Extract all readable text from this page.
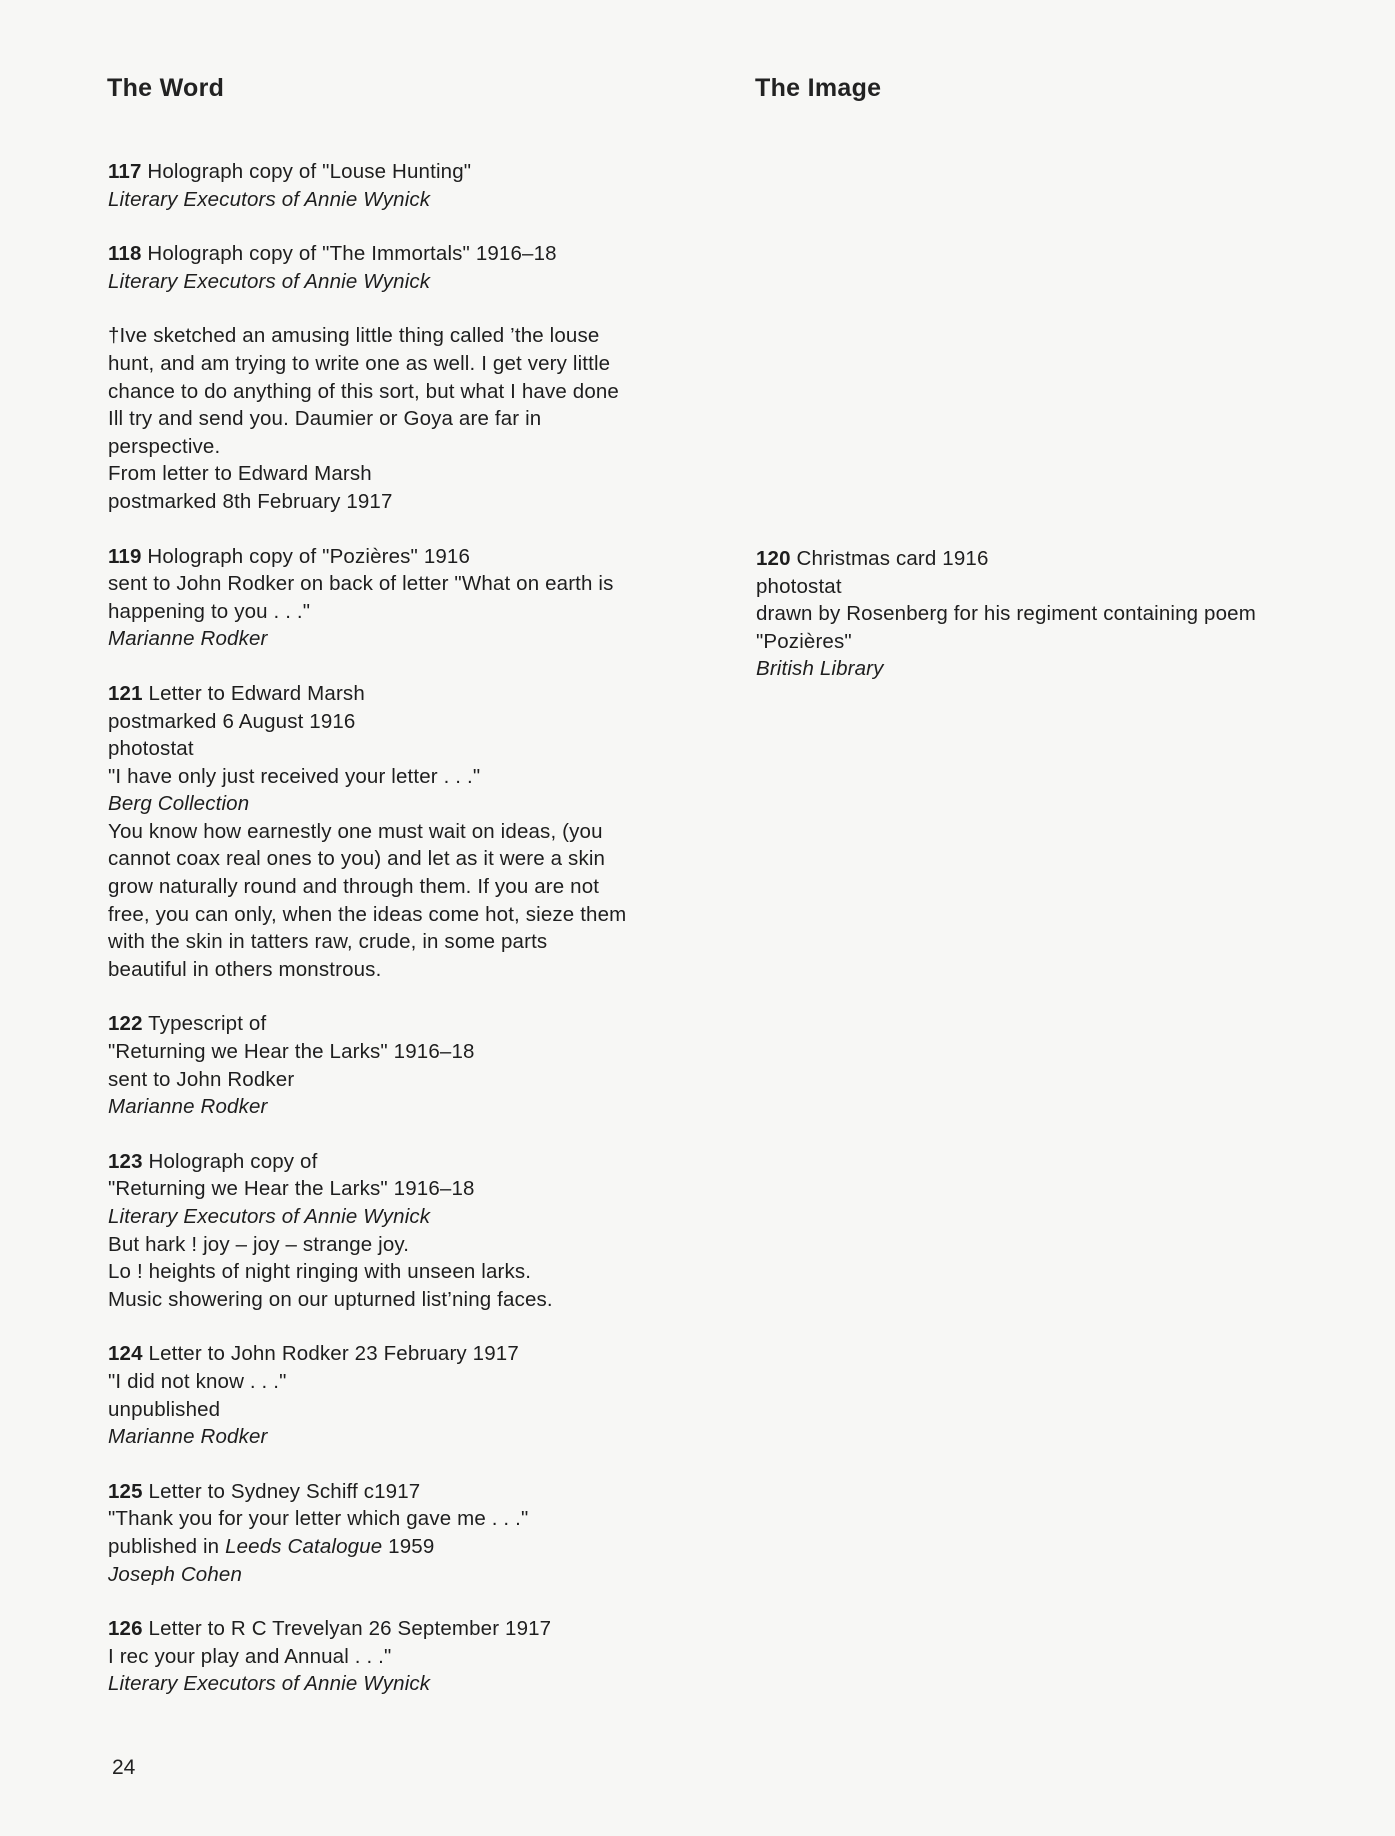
The Word	The Image
117 Holograph copy of "Louse Hunting"
Literary Executors of Annie Wynick
118 Holograph copy of "The Immortals" 1916–18
Literary Executors of Annie Wynick
†Ive sketched an amusing little thing called ’the louse
hunt, and am trying to write one as well. I get very little
chance to do anything of this sort, but what I have done
Ill try and send you. Daumier or Goya are far in
perspective.
From letter to Edward Marsh
postmarked 8th February 1917
119 Holograph copy of "Pozières" 1916
sent to John Rodker on back of letter "What on earth is
happening to you . . ."
Marianne Rodker
121 Letter to Edward Marsh
postmarked 6 August 1916
photostat
"I have only just received your letter . . ."
Berg Collection
You know how earnestly one must wait on ideas, (you
cannot coax real ones to you) and let as it were a skin
grow naturally round and through them. If you are not
free, you can only, when the ideas come hot, sieze them
with the skin in tatters raw, crude, in some parts
beautiful in others monstrous.
122 Typescript of
"Returning we Hear the Larks" 1916–18
sent to John Rodker
Marianne Rodker
123 Holograph copy of
"Returning we Hear the Larks" 1916–18
Literary Executors of Annie Wynick
But hark ! joy – joy – strange joy.
Lo ! heights of night ringing with unseen larks.
Music showering on our upturned list’ning faces.
124 Letter to John Rodker 23 February 1917
"I did not know . . ."
unpublished
Marianne Rodker
125 Letter to Sydney Schiff c1917
"Thank you for your letter which gave me . . ."
published in Leeds Catalogue 1959
Joseph Cohen
126 Letter to R C Trevelyan 26 September 1917
I rec your play and Annual . . ."
Literary Executors of Annie Wynick
120 Christmas card 1916
photostat
drawn by Rosenberg for his regiment containing poem
"Pozières"
British Library
24
